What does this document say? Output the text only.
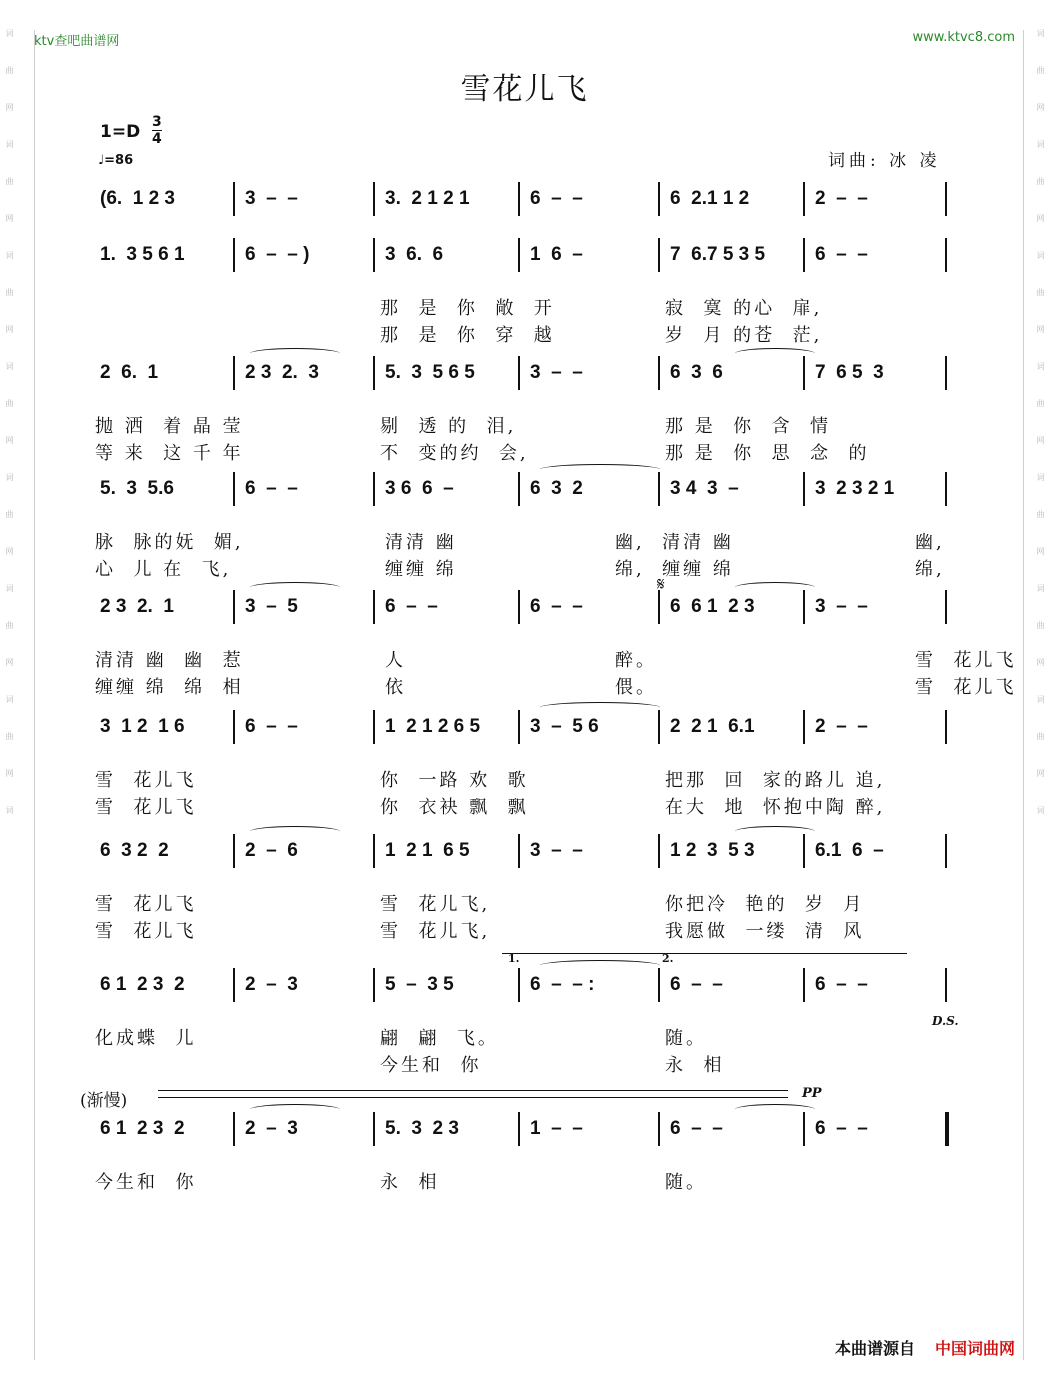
词
曲
网
词
曲
网
词
曲
网
词
曲
网
词
曲
网
词
曲
网
词
曲
网
词
词
曲
网
词
曲
网
词
曲
网
词
曲
网
词
曲
网
词
曲
网
词
曲
网
词
ktv查吧曲谱网	www.ktvc8.com
雪花儿飞
1=D 3
4
♩=86	词曲: 冰 凌
(6.  1 2 3	3  –  –	3.  2 1 2 1	6  –  –	6  2.1 1 2	2  –  –
1.  3 5 6 1	6  –  – )	3  6.  6	1  6  –	7  6.7 5 3 5	6  –  –
那  是  你  敞  开	寂  寞 的心  扉,
那  是  你  穿  越	岁  月 的苍  茫,
2  6.  1	2 3  2.  3	5.  3  5 6 5	3  –  –	6  3  6	7  6 5  3
抛 洒  着 晶 莹	剔  透 的  泪,	那 是  你  含  情
等 来  这 千 年	不  变的约  会,	那 是  你  思  念  的
5.  3  5.6	6  –  –	3 6  6  –	6  3  2	3 4  3  –	3  2 3 2 1
脉  脉的妩  媚,	清清 幽	幽,  清清 幽	幽,
心  儿 在  飞,	缠缠 绵	绵,  缠缠 绵	绵,
2 3  2.  1	3  –  5	6  –  –	6  –  –	6  6 1  2 3	3  –  –
清清 幽  幽  惹	人	醉。	雪  花儿飞
缠缠 绵  绵  相	依	偎。	雪  花儿飞
3  1 2  1 6	6  –  –	1  2 1 2 6 5	3  –  5 6	2  2 1  6.1	2  –  –
雪  花儿飞	你  一路 欢  歌	把那  回  家的路儿 追,
雪  花儿飞	你  衣袂 飘  飘	在大  地  怀抱中陶 醉,
6  3 2  2	2  –  6	1  2 1  6 5	3  –  –	1 2  3  5 3	6.1  6  –
雪  花儿飞	雪  花儿飞,	你把冷  艳的  岁  月
雪  花儿飞	雪  花儿飞,	我愿做  一缕  清  风
6 1  2 3  2	2  –  3	5  –  3 5	6  –  – :	6  –  –	6  –  –
化成蝶  儿	翩  翩  飞。	随。
今生和  你	永  相
6 1  2 3  2	2  –  3	5.  3  2 3	1  –  –	6  –  –	6  –  –
今生和  你	永  相	随。
(渐慢)	PP
D.S.
𝄋
1.	2.
本曲谱源自 中国词曲网
